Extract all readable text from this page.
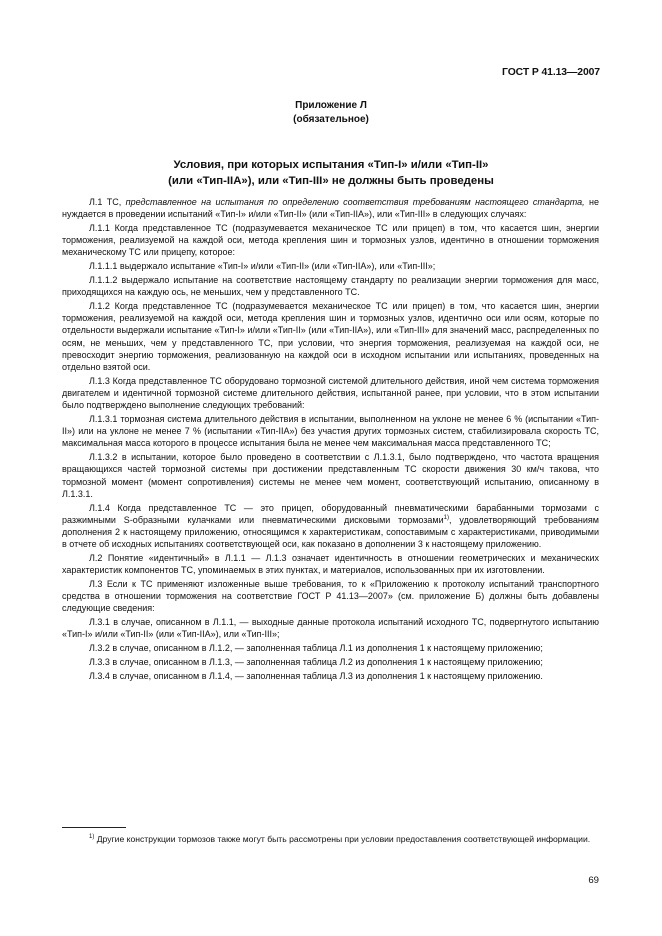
ГОСТ Р 41.13—2007
Приложение Л
(обязательное)
Условия, при которых испытания «Тип-I» и/или «Тип-II»
(или «Тип-IIА»), или «Тип-III» не должны быть проведены

Л.1 ТС, представленное на испытания по определению соответствия требованиям настоящего стандарта, не нуждается в проведении испытаний «Тип-I» и/или «Тип-II» (или «Тип-IIА»), или «Тип-III» в следующих случаях:

Л.1.1 Когда представленное ТС (подразумевается механическое ТС или прицеп) в том, что касается шин, энергии торможения, реализуемой на каждой оси, метода крепления шин и тормозных узлов, идентично в отношении торможения механическому ТС или прицепу, которое:

Л.1.1.1 выдержало испытание «Тип-I» и/или «Тип-II» (или «Тип-IIА»), или «Тип-III»;

Л.1.1.2 выдержало испытание на соответствие настоящему стандарту по реализации энергии торможения для масс, приходящихся на каждую ось, не меньших, чем у представленного ТС.

Л.1.2 Когда представленное ТС (подразумевается механическое ТС или прицеп) в том, что касается шин, энергии торможения, реализуемой на каждой оси, метода крепления шин и тормозных узлов, идентично оси или осям, которые по отдельности выдержали испытание «Тип-I» и/или «Тип-II» (или «Тип-IIА»), или «Тип-III» для значений масс, распределенных по осям, не меньших, чем у представленного ТС, при условии, что энергия торможения, реализуемая на каждой оси, не превосходит энергию торможения, реализованную на каждой оси в исходном испытании или испытаниях, проведенных на отдельно взятой оси.

Л.1.3 Когда представленное ТС оборудовано тормозной системой длительного действия, иной чем система торможения двигателем и идентичной тормозной системе длительного действия, испытанной ранее, при условии, что в этом испытании было подтверждено выполнение следующих требований:

Л.1.3.1 тормозная система длительного действия в испытании, выполненном на уклоне не менее 6 % (испытании «Тип-II») или на уклоне не менее 7 % (испытании «Тип-IIА») без участия других тормозных систем, стабилизировала скорость ТС, максимальная масса которого в процессе испытания была не менее чем максимальная масса представленного ТС;

Л.1.3.2 в испытании, которое было проведено в соответствии с Л.1.3.1, было подтверждено, что частота вращения вращающихся частей тормозной системы при достижении представленным ТС скорости движения 30 км/ч такова, что тормозной момент (момент сопротивления) системы не менее чем момент, соответствующий испытанию, описанному в Л.1.3.1.

Л.1.4 Когда представленное ТС — это прицеп, оборудованный пневматическими барабанными тормозами с разжимными S-образными кулачками или пневматическими дисковыми тормозами$^{1)}$, удовлетворяющий требованиям дополнения 2 к настоящему приложению, относящимся к характеристикам, сопоставимым с характеристиками, приводимыми в отчете об исходных испытаниях соответствующей оси, как показано в дополнении 3 к настоящему приложению.

Л.2 Понятие «идентичный» в Л.1.1 — Л.1.3 означает идентичность в отношении геометрических и механических характеристик компонентов ТС, упоминаемых в этих пунктах, и материалов, использованных при их изготовлении.

Л.3 Если к ТС применяют изложенные выше требования, то к «Приложению к протоколу испытаний транспортного средства в отношении торможения на соответствие ГОСТ Р 41.13—2007» (см. приложение Б) должны быть добавлены следующие сведения:

Л.3.1 в случае, описанном в Л.1.1, — выходные данные протокола испытаний исходного ТС, подвергнутого испытанию «Тип-I» и/или «Тип-II» (или «Тип-IIА»), или «Тип-III»;

Л.3.2 в случае, описанном в Л.1.2, — заполненная таблица Л.1 из дополнения 1 к настоящему приложению;

Л.3.3 в случае, описанном в Л.1.3, — заполненная таблица Л.2 из дополнения 1 к настоящему приложению;

Л.3.4 в случае, описанном в Л.1.4, — заполненная таблица Л.3 из дополнения 1 к настоящему приложению.

$^{1)}$ Другие конструкции тормозов также могут быть рассмотрены при условии предоставления соответствующей информации.
69
